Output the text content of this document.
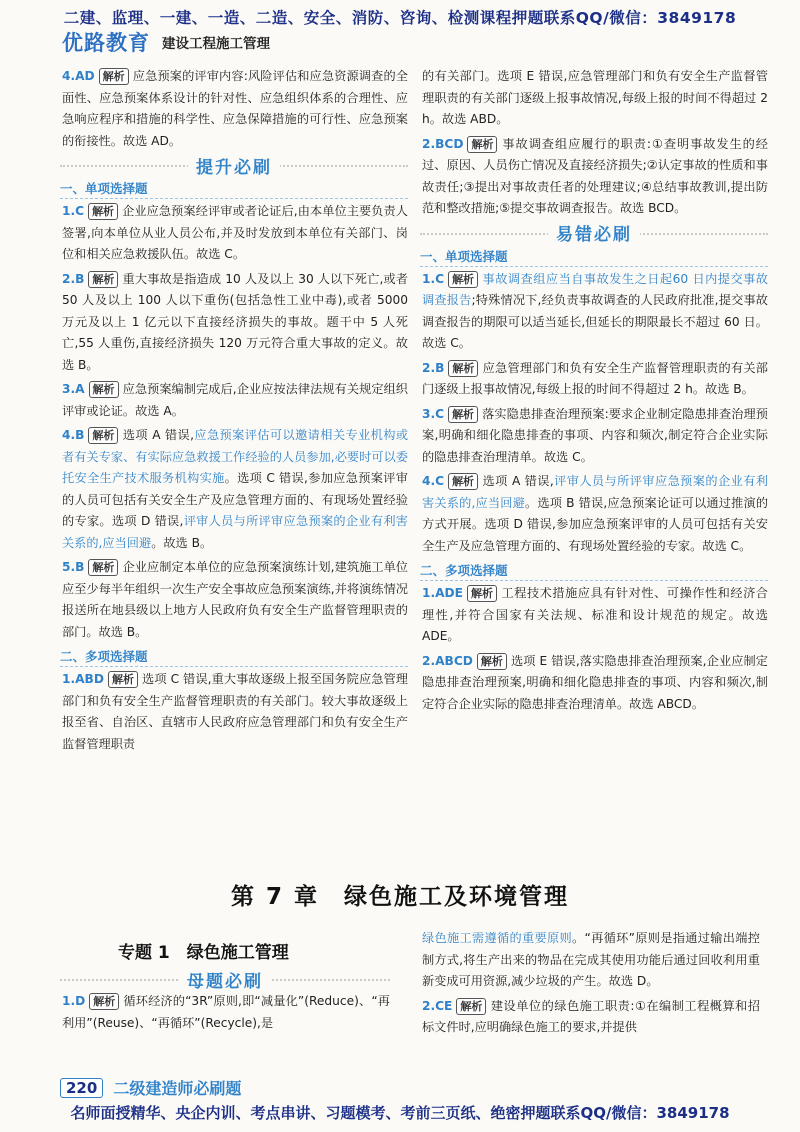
二建、监理、一建、一造、二造、安全、消防、咨询、检测课程押题联系QQ/微信：3849178
优路教育 建设工程施工管理

4.AD 解析 应急预案的评审内容:风险评估和应急资源调查的全面性、应急预案体系设计的针对性、应急组织体系的合理性、应急响应程序和措施的科学性、应急保障措施的可行性、应急预案的衔接性。故选 AD。

提升必刷
一、单项选择题

1.C 解析 企业应急预案经评审或者论证后,由本单位主要负责人签署,向本单位从业人员公布,并及时发放到本单位有关部门、岗位和相关应急救援队伍。故选 C。

2.B 解析 重大事故是指造成 10 人及以上 30 人以下死亡,或者 50 人及以上 100 人以下重伤(包括急性工业中毒),或者 5000 万元及以上 1 亿元以下直接经济损失的事故。题干中 5 人死亡,55 人重伤,直接经济损失 120 万元符合重大事故的定义。故选 B。

3.A 解析 应急预案编制完成后,企业应按法律法规有关规定组织评审或论证。故选 A。

4.B 解析 选项 A 错误,应急预案评估可以邀请相关专业机构或者有关专家、有实际应急救援工作经验的人员参加,必要时可以委托安全生产技术服务机构实施。选项 C 错误,参加应急预案评审的人员可包括有关安全生产及应急管理方面的、有现场处置经验的专家。选项 D 错误,评审人员与所评审应急预案的企业有利害关系的,应当回避。故选 B。

5.B 解析 企业应制定本单位的应急预案演练计划,建筑施工单位应至少每半年组织一次生产安全事故应急预案演练,并将演练情况报送所在地县级以上地方人民政府负有安全生产监督管理职责的部门。故选 B。

二、多项选择题

1.ABD 解析 选项 C 错误,重大事故逐级上报至国务院应急管理部门和负有安全生产监督管理职责的有关部门。较大事故逐级上报至省、自治区、直辖市人民政府应急管理部门和负有安全生产监督管理职责

的有关部门。选项 E 错误,应急管理部门和负有安全生产监督管理职责的有关部门逐级上报事故情况,每级上报的时间不得超过 2 h。故选 ABD。

2.BCD 解析 事故调查组应履行的职责:①查明事故发生的经过、原因、人员伤亡情况及直接经济损失;②认定事故的性质和事故责任;③提出对事故责任者的处理建议;④总结事故教训,提出防范和整改措施;⑤提交事故调查报告。故选 BCD。

易错必刷
一、单项选择题

1.C 解析 事故调查组应当自事故发生之日起60 日内提交事故调查报告;特殊情况下,经负责事故调查的人民政府批准,提交事故调查报告的期限可以适当延长,但延长的期限最长不超过 60 日。故选 C。

2.B 解析 应急管理部门和负有安全生产监督管理职责的有关部门逐级上报事故情况,每级上报的时间不得超过 2 h。故选 B。

3.C 解析 落实隐患排查治理预案:要求企业制定隐患排查治理预案,明确和细化隐患排查的事项、内容和频次,制定符合企业实际的隐患排查治理清单。故选 C。

4.C 解析 选项 A 错误,评审人员与所评审应急预案的企业有利害关系的,应当回避。选项 B 错误,应急预案论证可以通过推演的方式开展。选项 D 错误,参加应急预案评审的人员可包括有关安全生产及应急管理方面的、有现场处置经验的专家。故选 C。

二、多项选择题

1.ADE 解析 工程技术措施应具有针对性、可操作性和经济合理性,并符合国家有关法规、标准和设计规范的规定。故选 ADE。

2.ABCD 解析 选项 E 错误,落实隐患排查治理预案,企业应制定隐患排查治理预案,明确和细化隐患排查的事项、内容和频次,制定符合企业实际的隐患排查治理清单。故选 ABCD。

第 7 章　绿色施工及环境管理
专题 1　绿色施工管理
母题必刷

1.D 解析 循环经济的“3R”原则,即“减量化”(Reduce)、“再利用”(Reuse)、“再循环”(Recycle),是

绿色施工需遵循的重要原则。“再循环”原则是指通过输出端控制方式,将生产出来的物品在完成其使用功能后通过回收利用重新变成可用资源,减少垃圾的产生。故选 D。

2.CE 解析 建设单位的绿色施工职责:①在编制工程概算和招标文件时,应明确绿色施工的要求,并提供

220	二级建造师必刷题
名师面授精华、央企内训、考点串讲、习题模考、考前三页纸、绝密押题联系QQ/微信：3849178
